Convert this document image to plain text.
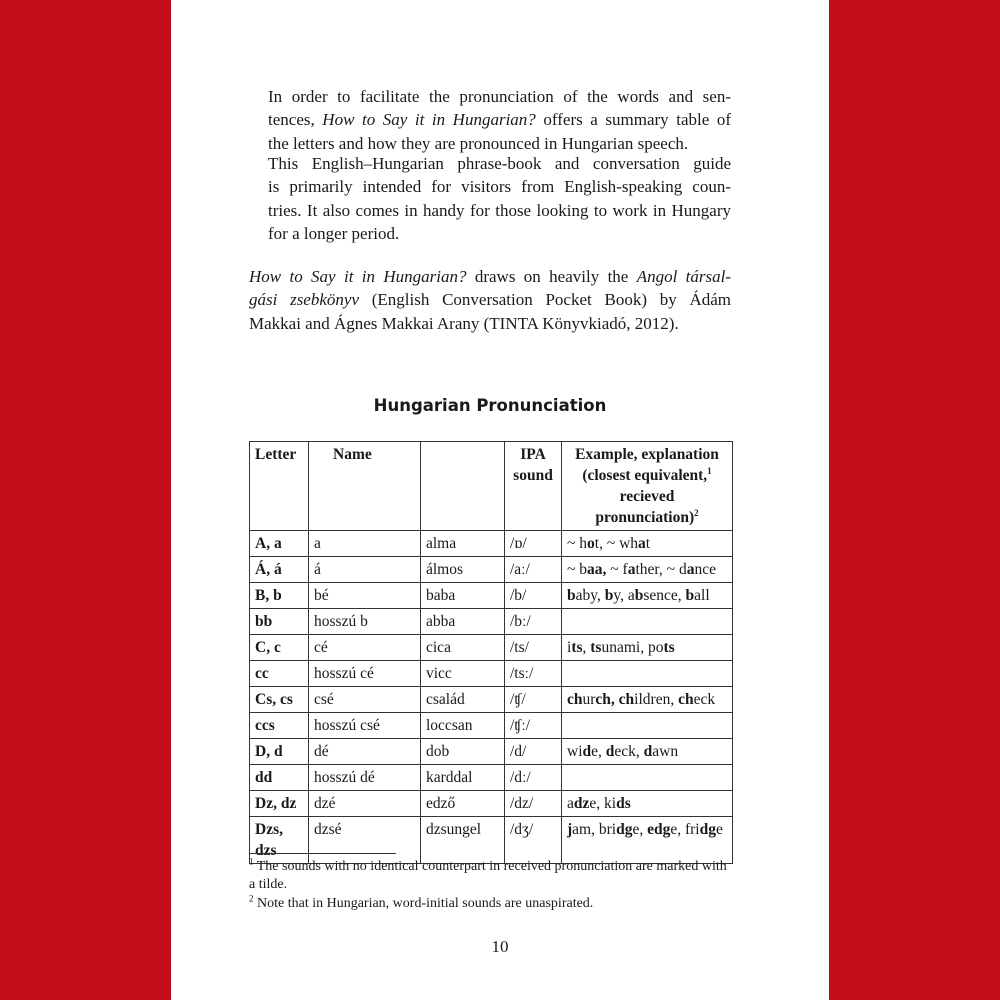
In order to facilitate the pronunciation of the words and sen-
tences, How to Say it in Hungarian? offers a summary table of
the letters and how they are pronounced in Hungarian speech.
This English–Hungarian phrase-book and conversation guide
is primarily intended for visitors from English-speaking coun-
tries. It also comes in handy for those looking to work in Hungary
for a longer period.
How to Say it in Hungarian? draws on heavily the Angol társal-
gási zsebkönyv (English Conversation Pocket Book) by Ádám
Makkai and Ágnes Makkai Arany (TINTA Könyvkiadó, 2012).
Hungarian Pronunciation
Letter	Name		IPA sound	Example, explanation
(closest equivalent,$^1$
recieved pronunciation)$^2$
A, a	a	alma	/ɒ/	~ hot, ~ what
Á, á	á	álmos	/aː/	~ baa, ~ father, ~ dance
B, b	bé	baba	/b/	baby, by, absence, ball
bb	hosszú b	abba	/bː/	
C, c	cé	cica	/ts/	its, tsunami, pots
cc	hosszú cé	vicc	/tsː/	
Cs, cs	csé	család	/ʧ/	church, children, check
ccs	hosszú csé	loccsan	/ʧː/	
D, d	dé	dob	/d/	wide, deck, dawn
dd	hosszú dé	karddal	/dː/	
Dz, dz	dzé	edző	/dz/	adze, kids
Dzs, dzs	dzsé	dzsungel	/dʒ/	jam, bridge, edge, fridge

$^1$ The sounds with no identical counterpart in received pronunciation are marked with a tilde.

$^2$ Note that in Hungarian, word-initial sounds are unaspirated.

10
